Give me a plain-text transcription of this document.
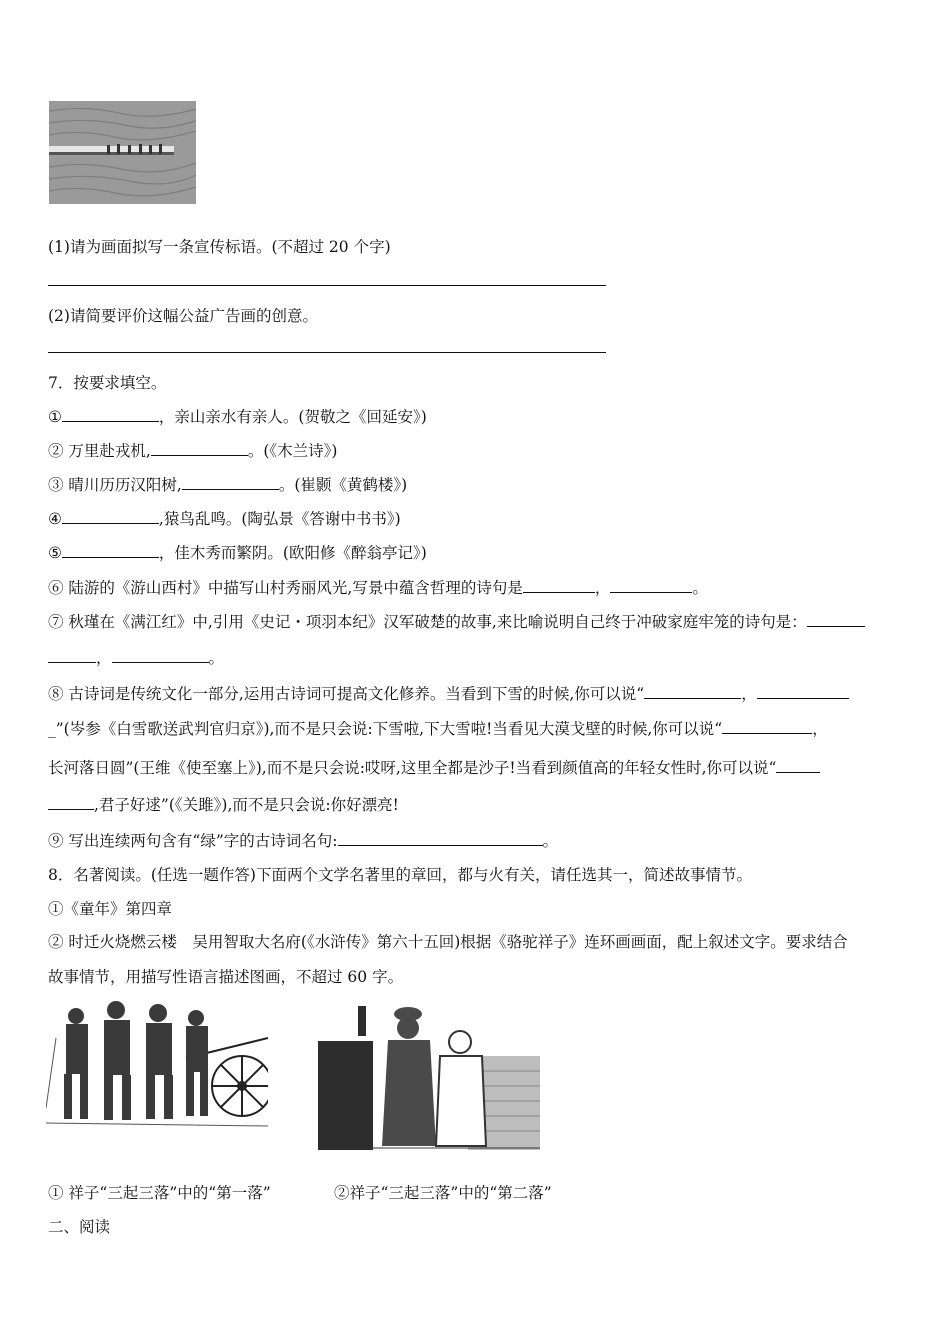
(1)请为画面拟写一条宣传标语。(不超过 20 个字)
(2)请简要评价这幅公益广告画的创意。
7．按要求填空。
①	，亲山亲水有亲人。(贺敬之《回延安》)
② 万里赴戎机,	。(《木兰诗》)
③ 晴川历历汉阳树,	。(崔颢《黄鹤楼》)
④	,猿鸟乱鸣。(陶弘景《答谢中书书》)
⑤	，佳木秀而繁阴。(欧阳修《醉翁亭记》)
⑥ 陆游的《游山西村》中描写山村秀丽风光,写景中蕴含哲理的诗句是	，	。
⑦ 秋瑾在《满江红》中,引用《史记・项羽本纪》汉军破楚的故事,来比喻说明自己终于冲破家庭牢笼的诗句是：
，	。
⑧ 古诗词是传统文化一部分,运用古诗词可提高文化修养。当看到下雪的时候,你可以说“	，
_”(岑参《白雪歌送武判官归京》),而不是只会说:下雪啦,下大雪啦!当看见大漠戈壁的时候,你可以说“	，
长河落日圆”(王维《使至塞上》),而不是只会说:哎呀,这里全都是沙子!当看到颜值高的年轻女性时,你可以说“
,君子好逑”(《关雎》),而不是只会说:你好漂亮!
⑨ 写出连续两句含有“绿”字的古诗词名句:	。
8．名著阅读。(任选一题作答)下面两个文学名著里的章回，都与火有关，请任选其一，简述故事情节。
①《童年》第四章
② 时迁火烧燃云楼　吴用智取大名府(《水浒传》第六十五回)根据《骆驼祥子》连环画画面，配上叙述文字。要求结合
故事情节，用描写性语言描述图画，不超过 60 字。
① 祥子“三起三落”中的“第一落”	②祥子“三起三落”中的“第二落”
二、阅读
